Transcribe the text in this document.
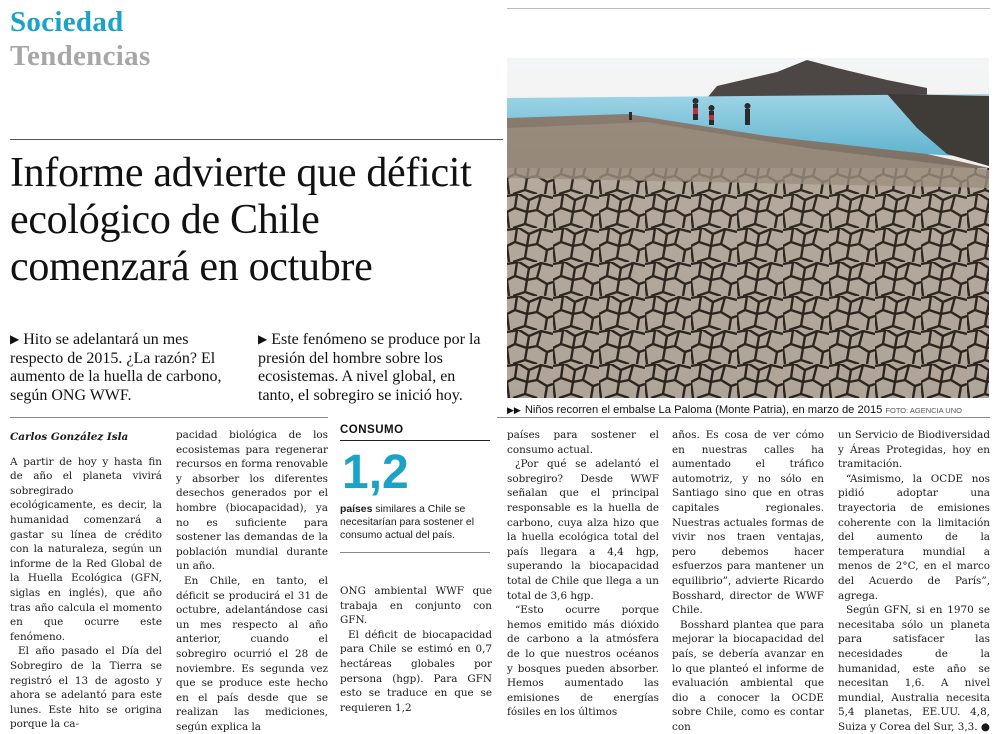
Sociedad
Tendencias
Informe advierte que déficit ecológico de Chile comenzará en octubre
▶ Hito se adelantará un mes respecto de 2015. ¿La razón? El aumento de la huella de carbono, según ONG WWF.
▶ Este fenómeno se produce por la presión del hombre sobre los ecosistemas. A nivel global, en tanto, el sobregiro se inició hoy.
▶▶ Niños recorren el embalse La Paloma (Monte Patria), en marzo de 2015 FOTO: AGENCIA UNO
Carlos González Isla

A partir de hoy y hasta fin de año el planeta vivirá sobregirado ecológicamente, es decir, la humanidad comenzará a gastar su línea de crédito con la naturaleza, según un informe de la Red Global de la Huella Ecológica (GFN, siglas en inglés), que año tras año calcula el momento en que ocurre este fenómeno.

El año pasado el Día del Sobregiro de la Tierra se registró el 13 de agosto y ahora se adelantó para este lunes. Este hito se origina porque la ca-

pacidad biológica de los ecosistemas para regenerar recursos en forma renovable y absorber los diferentes desechos generados por el hombre (biocapacidad), ya no es suficiente para sostener las demandas de la población mundial durante un año.

En Chile, en tanto, el déficit se producirá el 31 de octubre, adelantándose casi un mes respecto al año anterior, cuando el sobregiro ocurrió el 28 de noviembre. Es segunda vez que se produce este hecho en el país desde que se realizan las mediciones, según explica la

CONSUMO
1,2
países similares a Chile se necesitarían para sostener el consumo actual del país.

ONG ambiental WWF que trabaja en conjunto con GFN.

El déficit de biocapacidad para Chile se estimó en 0,7 hectáreas globales por persona (hgp). Para GFN esto se traduce en que se requieren 1,2

países para sostener el consumo actual.

¿Por qué se adelantó el sobregiro? Desde WWF señalan que el principal responsable es la huella de carbono, cuya alza hizo que la huella ecológica total del país llegara a 4,4 hgp, superando la biocapacidad total de Chile que llega a un total de 3,6 hgp.

“Esto ocurre porque hemos emitido más dióxido de carbono a la atmósfera de lo que nuestros océanos y bosques pueden absorber. Hemos aumentado las emisiones de energías fósiles en los últimos

años. Es cosa de ver cómo en nuestras calles ha aumentado el tráfico automotriz, y no sólo en Santiago sino que en otras capitales regionales. Nuestras actuales formas de vivir nos traen ventajas, pero debemos hacer esfuerzos para mantener un equilibrio”, advierte Ricardo Bosshard, director de WWF Chile.

Bosshard plantea que para mejorar la biocapacidad del país, se debería avanzar en lo que planteó el informe de evaluación ambiental que dio a conocer la OCDE sobre Chile, como es contar con

un Servicio de Biodiversidad y Áreas Protegidas, hoy en tramitación.

“Asimismo, la OCDE nos pidió adoptar una trayectoria de emisiones coherente con la limitación del aumento de la temperatura mundial a menos de 2°C, en el marco del Acuerdo de París”, agrega.

Según GFN, si en 1970 se necesitaba sólo un planeta para satisfacer las necesidades de la humanidad, este año se necesitan 1,6. A nivel mundial, Australia necesita 5,4 planetas, EE.UU. 4,8, Suiza y Corea del Sur, 3,3. ●
